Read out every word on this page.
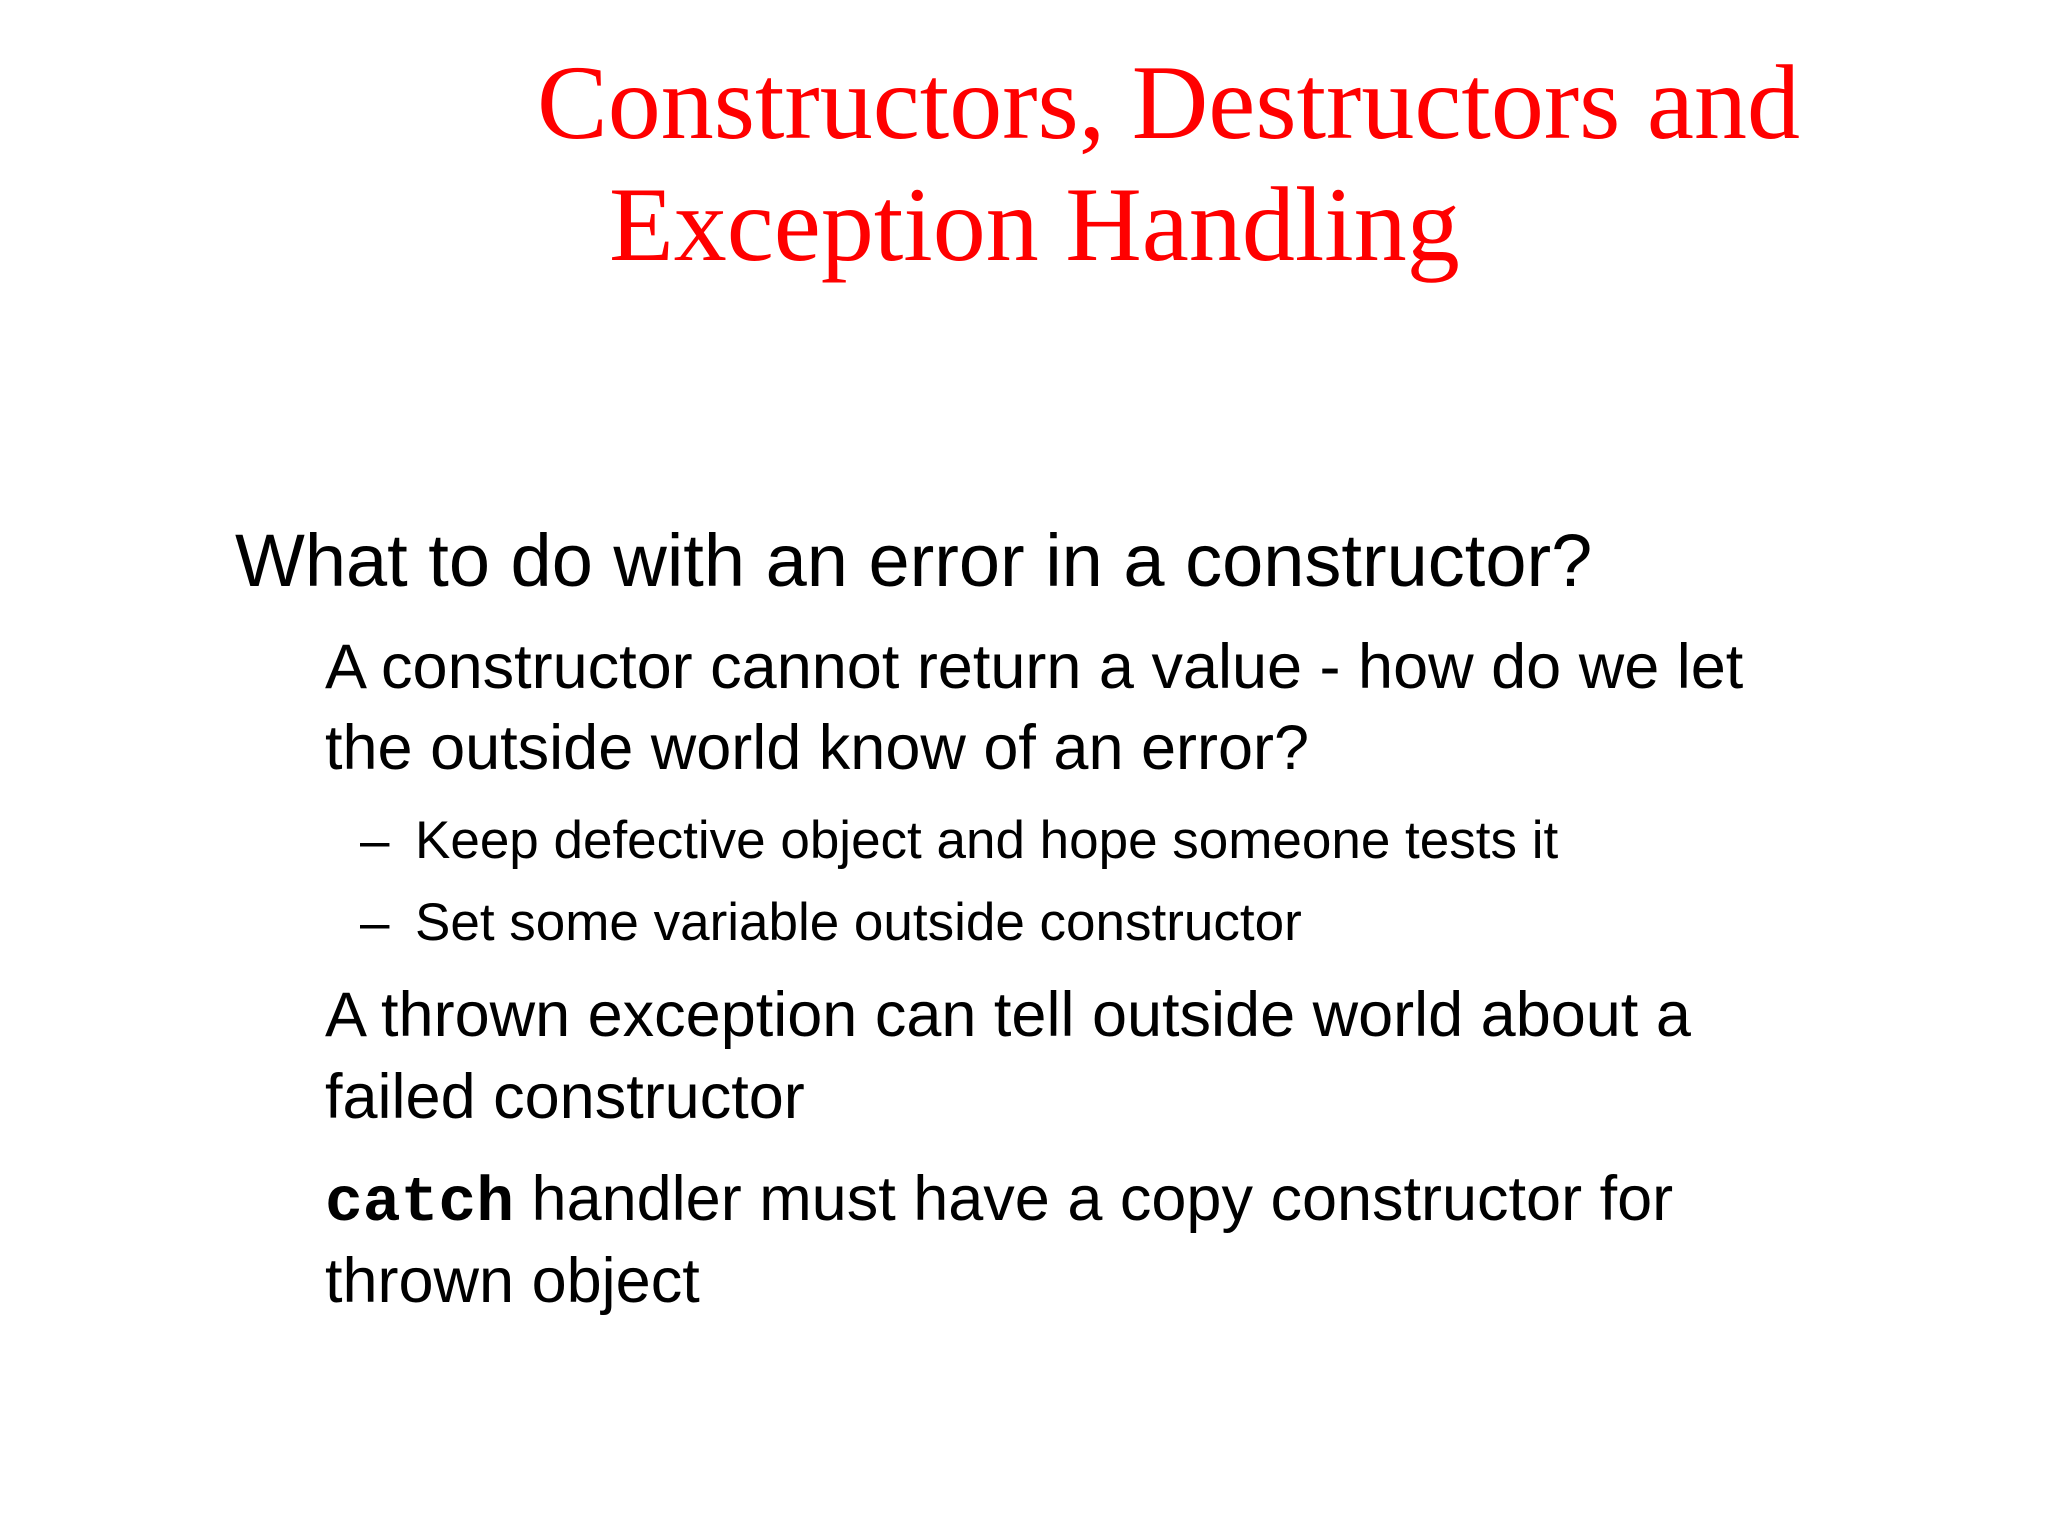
Constructors, Destructors and
Exception Handling

What to do with an error in a constructor?

A constructor cannot return a value - how do we let

the outside world know of an error?

– Keep defective object and hope someone tests it

– Set some variable outside constructor

A thrown exception can tell outside world about a

failed constructor

catch handler must have a copy constructor for

thrown object
